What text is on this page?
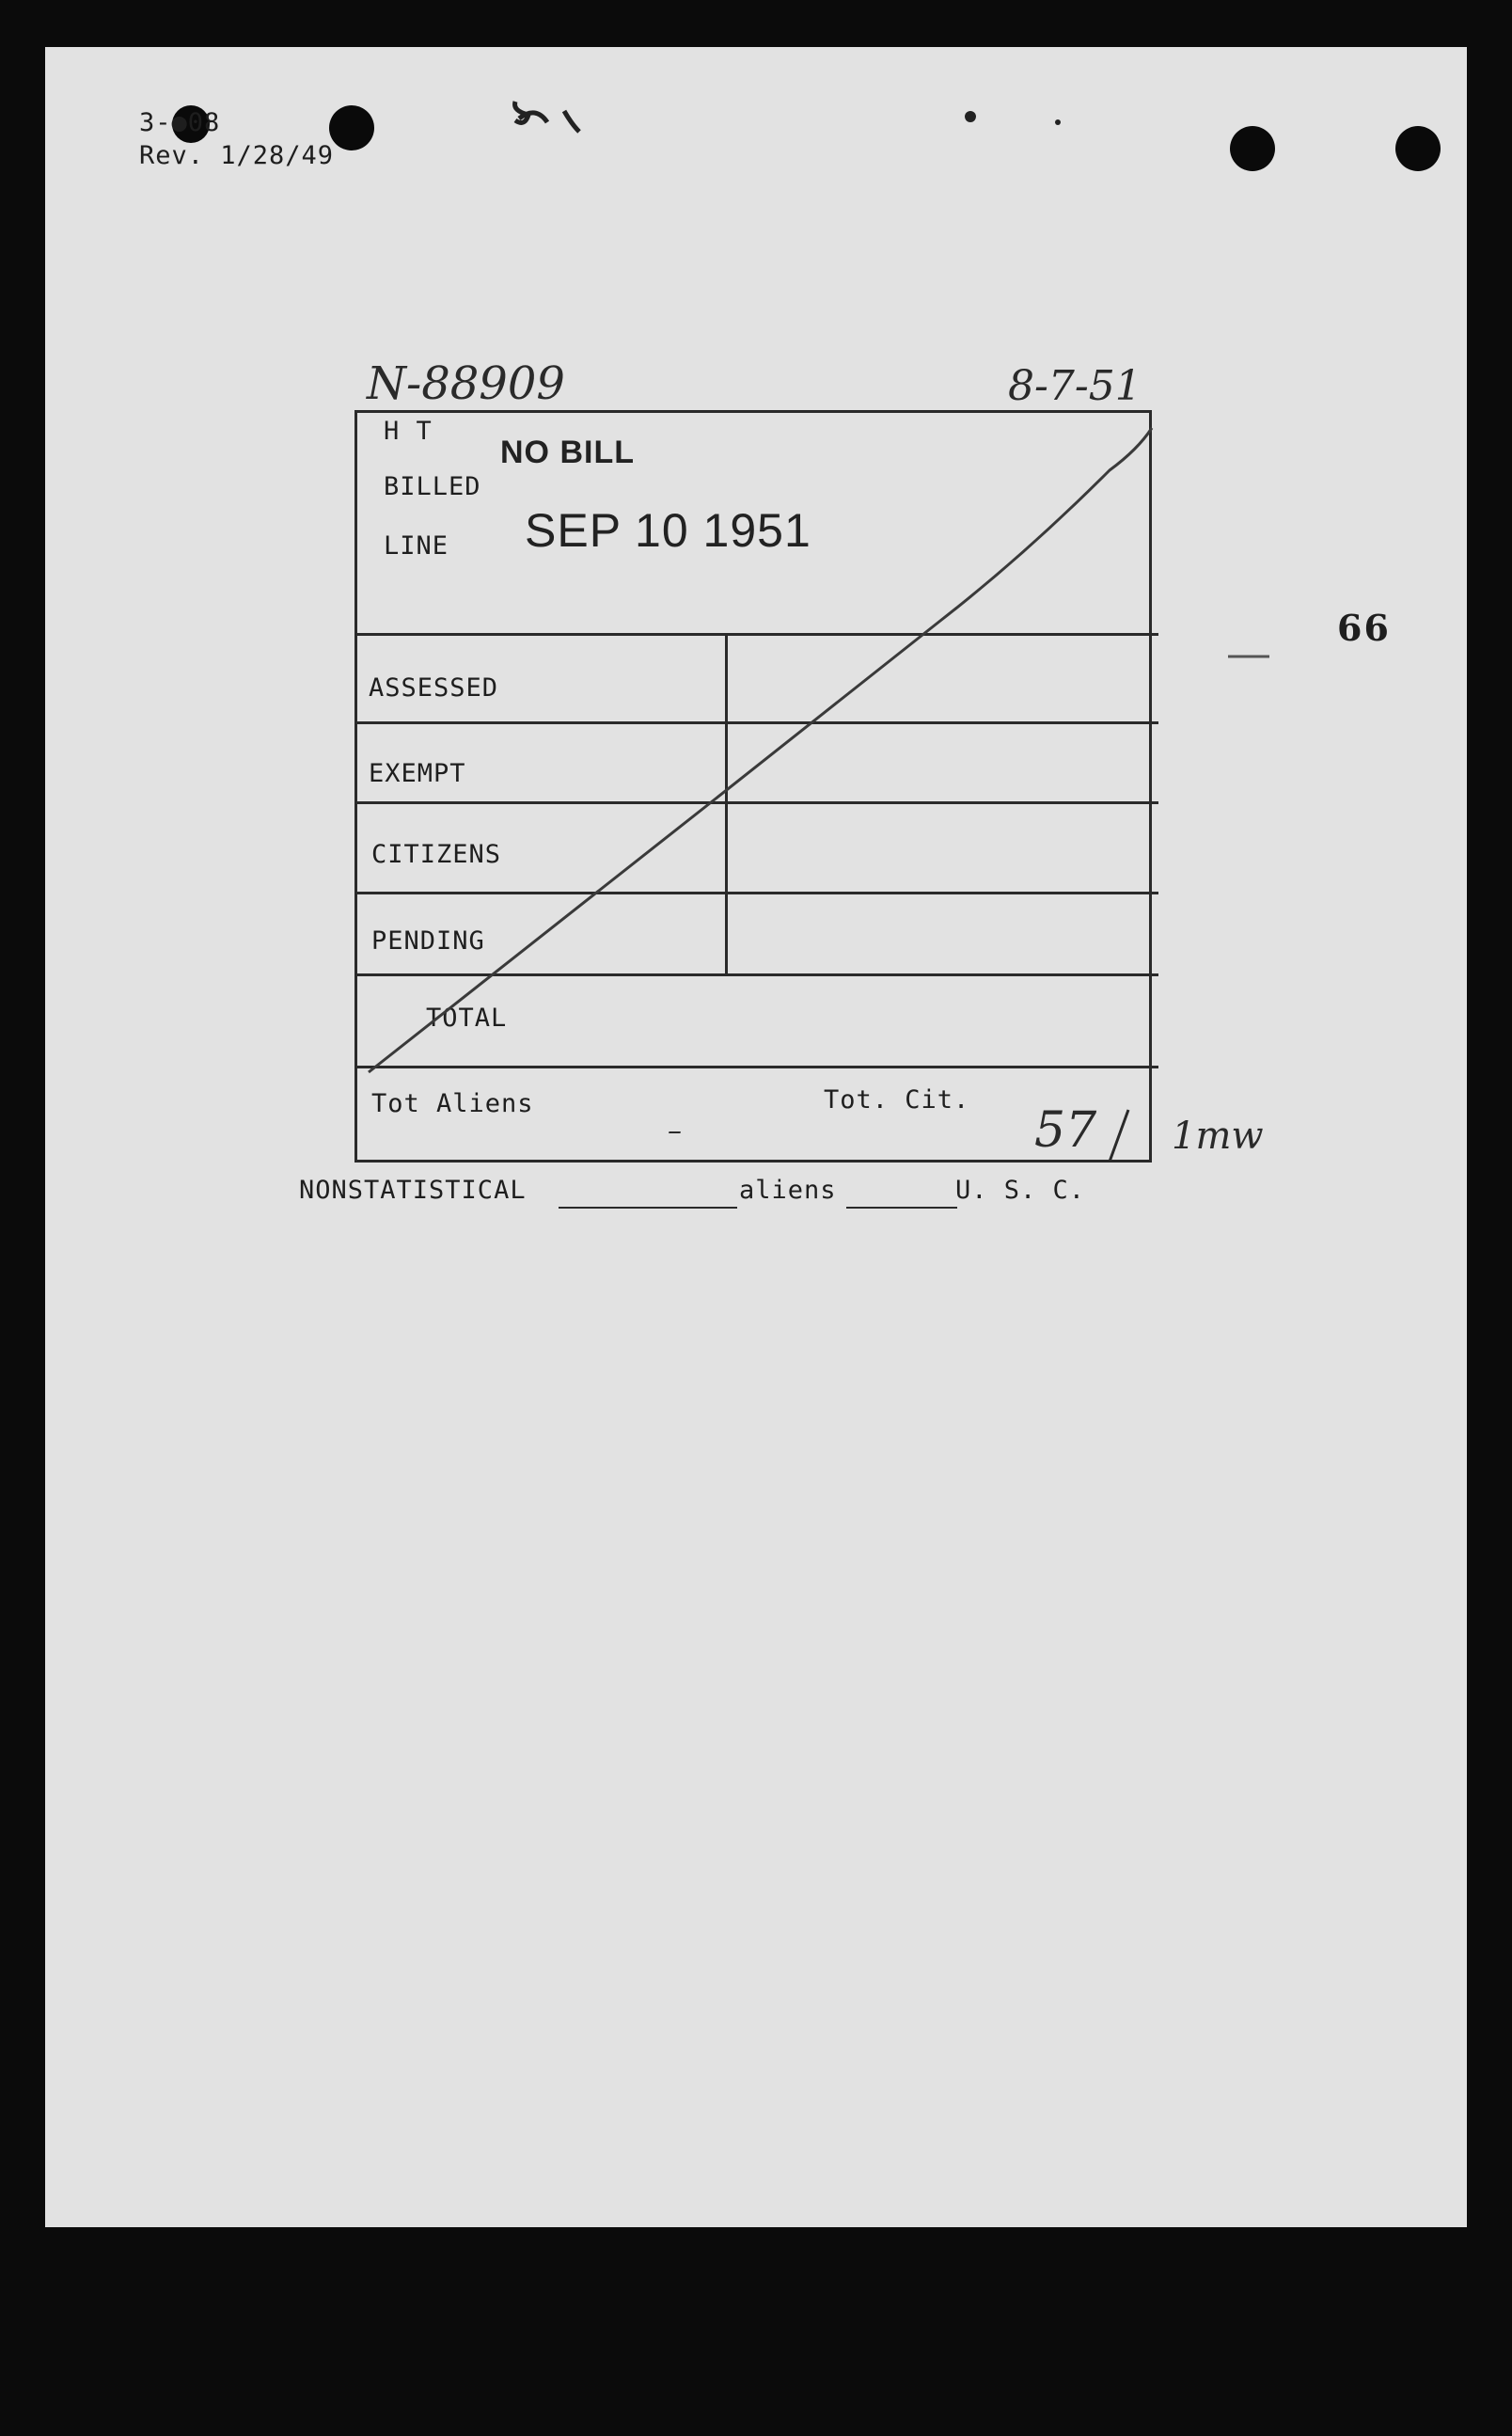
3-●08
Rev. 1/28/49
N-88909	8-7-51
66
H T
BILLED
LINE
NO BILL
SEP 10 1951
ASSESSED
EXEMPT
CITIZENS
PENDING
TOTAL
Tot Aliens
–
Tot. Cit.
57 1mw
NONSTATISTICAL	aliens	U. S. C.
